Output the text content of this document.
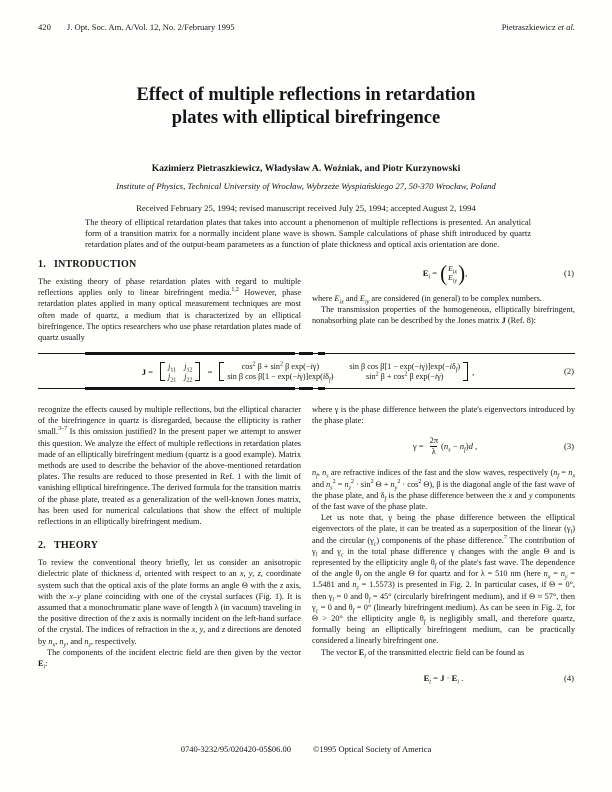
420 J. Opt. Soc. Am. A/Vol. 12, No. 2/February 1995	Pietraszkiewicz et al.
Effect of multiple reflections in retardation
plates with elliptical birefringence
Kazimierz Pietraszkiewicz, Władysław A. Woźniak, and Piotr Kurzynowski
Institute of Physics, Technical University of Wrocław, Wybrzeże Wyspiańskiego 27, 50-370 Wrocław, Poland
Received February 25, 1994; revised manuscript received July 25, 1994; accepted August 2, 1994
The theory of elliptical retardation plates that takes into account a phenomenon of multiple reflections is presented. An analytical form of a transition matrix for a normally incident plane wave is shown. Sample calculations of phase shift introduced by quartz retardation plates and of the output-beam parameters as a function of plate thickness and optical axis orientation are done.
1. INTRODUCTION

The existing theory of phase retardation plates with regard to multiple reflections applies only to linear birefringent media.$^{1,2}$ However, phase retardation plates applied in many optical measurement techniques are most often made of quartz, a medium that is characterized by an elliptical birefringence. The optics researchers who use phase retardation plates made of quartz usually

$E_i$ = ( $E_{ix}$
$E_{iy}$ ) ,	(1)

where $E_{ix}$ and $E_{iy}$ are considered (in general) to be complex numbers.

The transmission properties of the homogeneous, elliptically birefringent, nonabsorbing plate can be described by the Jones matrix J (Ref. 8):

$J = j_{11}$ $j_{12}$
$j_{21}$ $j_{22}$
=	$\cos^2 \beta + \sin^2 \beta$ exp(−iγ)	sin β $\cos \beta[1 - \exp(-i\gamma)]\exp(-i\delta_f)$
sin β $\cos \beta[1 - \exp(-i\gamma)]\exp(i\delta_f)$	$\sin^2 \beta + \cos^2 \beta$ exp(−iγ)	,	(2)

recognize the effects caused by multiple reflections, but the elliptical character of the birefringence in quartz is disregarded, because the ellipticity is rather small.$^{3-7}$ Is this omission justified? In the present paper we attempt to answer this question. We analyze the effect of multiple reflections in retardation plates made of an elliptically birefringent medium (quartz is a good example). Matrix methods are used to describe the behavior of the above-mentioned retardation plates. The results are reduced to those presented in Ref. 1 with the limit of vanishing elliptical birefringence. The derived formula for the transition matrix of the phase plate, treated as a generalization of the well-known Jones matrix, has been used for numerical calculations that show the effect of multiple reflections in an elliptically birefringent medium.

2. THEORY

To review the conventional theory briefly, let us consider an anisotropic dielectric plate of thickness d, oriented with respect to an x, y, z, coordinate system such that the optical axis of the plate forms an angle Θ with the z axis, with the x–y plane coinciding with one of the crystal surfaces (Fig. 1). It is assumed that a monochromatic plane wave of length λ (in vacuum) traveling in the positive direction of the z axis is normally incident on the left-hand surface of the crystal. The indices of refraction in the x, y, and z directions are denoted by $n_x$, $n_y$, and $n_z$, respectively.

The components of the incident electric field are then given by the vector $E_i$:

where γ is the phase difference between the plate's eigenvectors introduced by the phase plate:

$\gamma = \frac{2\pi}{\lambda} (n_s - n_f)d$ ,	(3)

$n_f$, $n_s$ are refractive indices of the fast and the slow waves, respectively ($n_f = n_x$ and $n_s^2 = n_z^2 \cdot \sin^2 \Theta + n_y^2 \cdot \cos^2 \Theta$), β is the diagonal angle of the fast wave of the phase plate, and $\delta_f$ is the phase difference between the x and y components of the fast wave of the phase plate.

Let us note that, γ being the phase difference between the elliptical eigenvectors of the plate, it can be treated as a superposition of the linear $(\gamma_l)$ and the circular $(\gamma_c)$ components of the phase difference.$^7$ The contribution of $\gamma_l$ and $\gamma_c$ in the total phase difference γ changes with the angle Θ and is represented by the ellipticity angle $\theta_f$ of the plate's fast wave. The dependence of the angle $\theta_f$ on the angle Θ for quartz and for λ = 510 nm (here $n_x = n_y = 1.5481$ and $n_z = 1.5573$) is presented in Fig. 2. In particular cases, if Θ = 0°, then $\gamma_l = 0$ and $\theta_f = 45^\circ$ (circularly birefringent medium), and if Θ ≈ 57°, then $\gamma_c = 0$ and $\theta_f = 0^\circ$ (linearly birefringent medium). As can be seen in Fig. 2, for Θ > 20° the ellipticity angle $\theta_f$ is negligibly small, and therefore quartz, formally being an elliptically birefringent medium, can be practically considered a linearly birefringent one.

The vector $E_t$ of the transmitted electric field can be found as

$E_t = J \cdot E_i$ .	(4)
0740-3232/95/020420-05$06.00	©1995 Optical Society of America
